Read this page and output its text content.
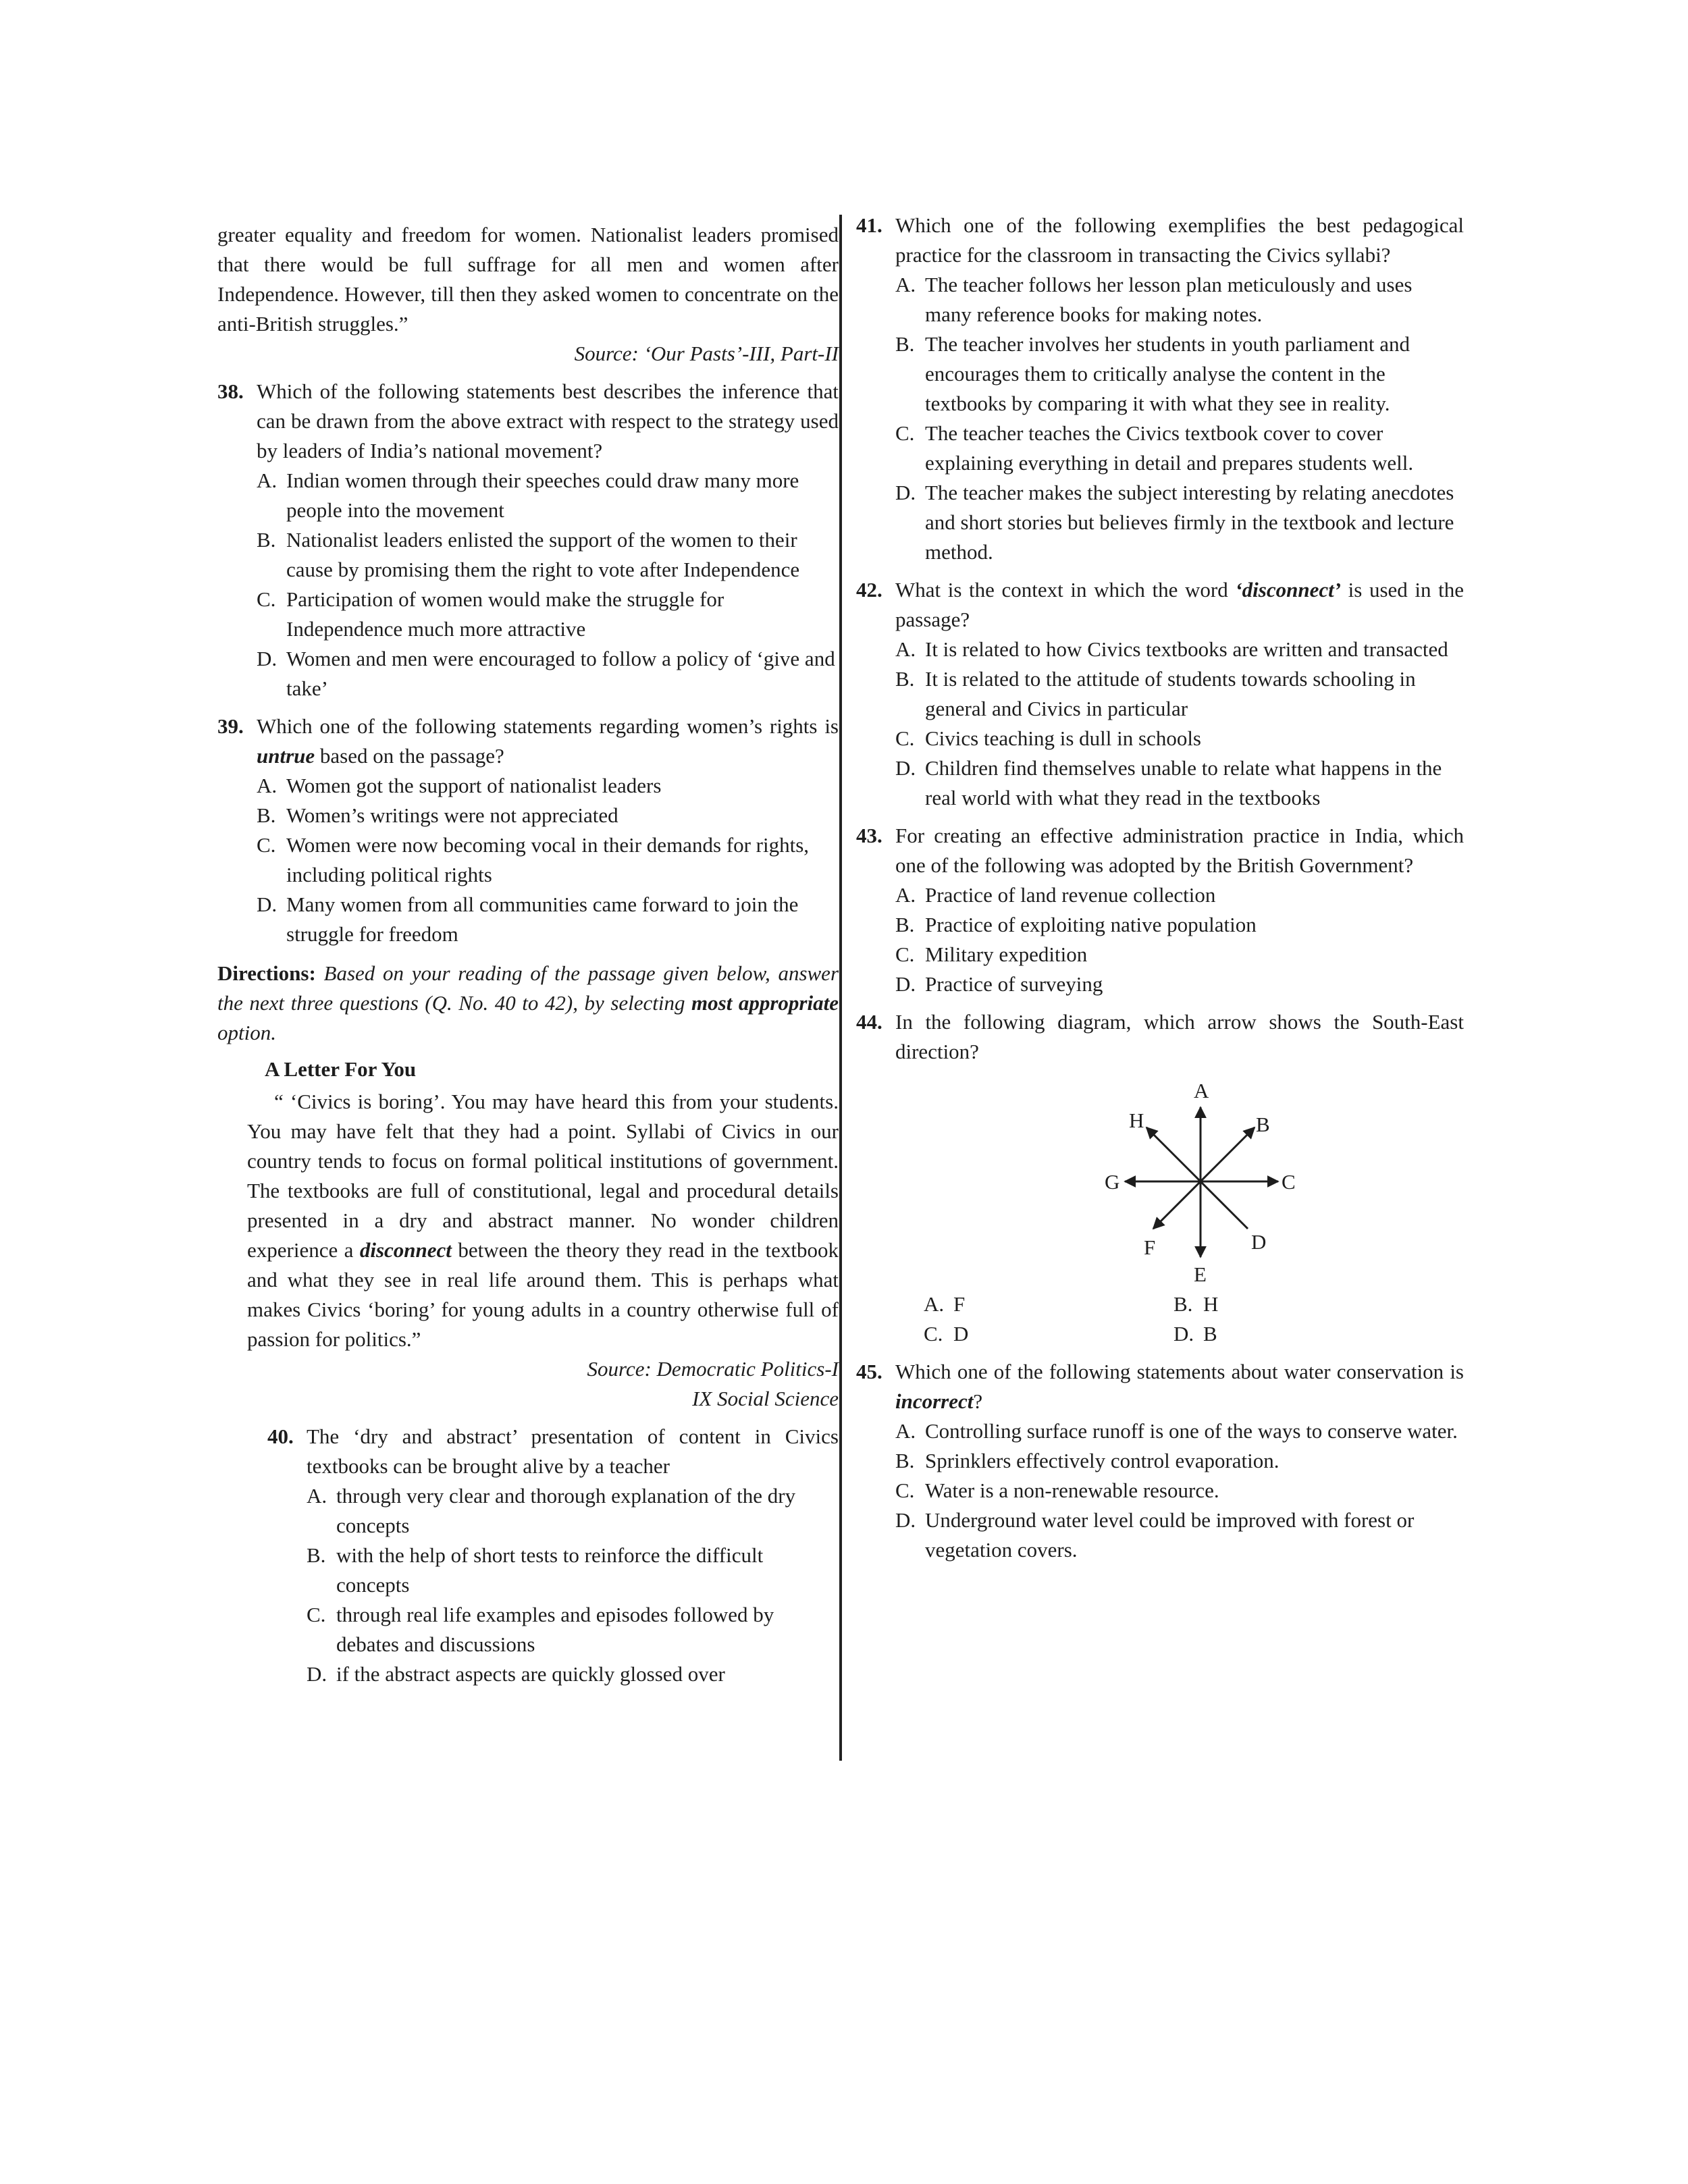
greater equality and freedom for women. Nationalist leaders promised that there would be full suffrage for all men and women after Independence. However, till then they asked women to concentrate on the anti-British struggles.”

Source: ‘Our Pasts’-III, Part-II

38. Which of the following statements best describes the inference that can be drawn from the above extract with respect to the strategy used by leaders of India’s national movement?
A. Indian women through their speeches could draw many more people into the movement
B. Nationalist leaders enlisted the support of the women to their cause by promising them the right to vote after Independence
C. Participation of women would make the struggle for Independence much more attractive
D. Women and men were encouraged to follow a policy of ‘give and take’
39. Which one of the following statements regarding women’s rights is untrue based on the passage?
A. Women got the support of nationalist leaders
B. Women’s writings were not appreciated
C. Women were now becoming vocal in their demands for rights, including political rights
D. Many women from all communities came forward to join the struggle for freedom

Directions: Based on your reading of the passage given below, answer the next three questions (Q. No. 40 to 42), by selecting most appropriate option.

A Letter For You

“ ‘Civics is boring’. You may have heard this from your students. You may have felt that they had a point. Syllabi of Civics in our country tends to focus on formal political institutions of government. The textbooks are full of constitutional, legal and procedural details presented in a dry and abstract manner. No wonder children experience a disconnect between the theory they read in the textbook and what they see in real life around them. This is perhaps what makes Civics ‘boring’ for young adults in a country otherwise full of passion for politics.”

Source: Democratic Politics-I

IX Social Science

40. The ‘dry and abstract’ presentation of content in Civics textbooks can be brought alive by a teacher
A. through very clear and thorough explanation of the dry concepts
B. with the help of short tests to reinforce the difficult concepts
C. through real life examples and episodes followed by debates and discussions
D. if the abstract aspects are quickly glossed over
41. Which one of the following exemplifies the best pedagogical practice for the classroom in transacting the Civics syllabi?
A. The teacher follows her lesson plan meticulously and uses many reference books for making notes.
B. The teacher involves her students in youth parliament and encourages them to critically analyse the content in the textbooks by comparing it with what they see in reality.
C. The teacher teaches the Civics textbook cover to cover explaining everything in detail and prepares students well.
D. The teacher makes the subject interesting by relating anecdotes and short stories but believes firmly in the textbook and lecture method.
42. What is the context in which the word ‘disconnect’ is used in the passage?
A. It is related to how Civics textbooks are written and transacted
B. It is related to the attitude of students towards schooling in general and Civics in particular
C. Civics teaching is dull in schools
D. Children find themselves unable to relate what happens in the real world with what they read in the textbooks
43. For creating an effective administration practice in India, which one of the following was adopted by the British Government?
A. Practice of land revenue collection
B. Practice of exploiting native population
C. Military expedition
D. Practice of surveying
44. In the following diagram, which arrow shows the South-East direction?
A
B
C
D
E
F
G
H
A. F	B. H
C. D	D. B
45. Which one of the following statements about water conservation is incorrect?
A. Controlling surface runoff is one of the ways to conserve water.
B. Sprinklers effectively control evaporation.
C. Water is a non-renewable resource.
D. Underground water level could be improved with forest or vegetation covers.
